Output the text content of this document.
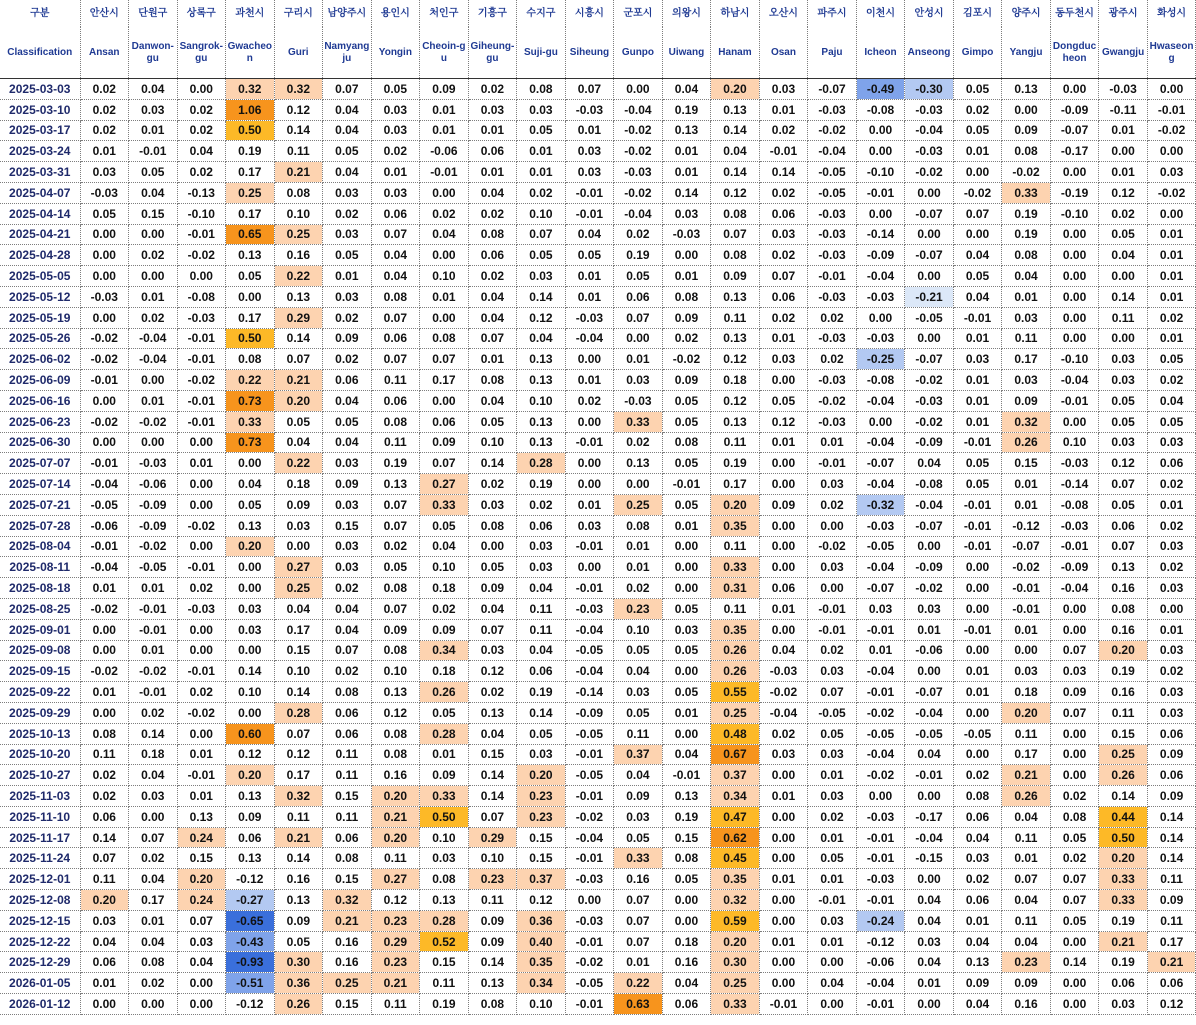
구분	안산시	단원구	상록구	과천시	구리시	남양주시	용인시	처인구	기흥구	수지구	시흥시	군포시	의왕시	하남시	오산시	파주시	이천시	안성시	김포시	양주시	동두천시	광주시	화성시
Classification	Ansan	Danwon-gu	Sangrok-gu	Gwacheon	Guri	Namyangju	Yongin	Cheoin-gu	Giheung-gu	Suji-gu	Siheung	Gunpo	Uiwang	Hanam	Osan	Paju	Icheon	Anseong	Gimpo	Yangju	Dongducheon	Gwangju	Hwaseong
2025-03-03	0.02	0.04	0.00	0.32	0.32	0.07	0.05	0.09	0.02	0.08	0.07	0.00	0.04	0.20	0.03	-0.07	-0.49	-0.30	0.05	0.13	0.00	-0.03	0.00
2025-03-10	0.02	0.03	0.02	1.06	0.12	0.04	0.03	0.01	0.03	0.03	-0.03	-0.04	0.19	0.13	0.01	-0.03	-0.08	-0.03	0.02	0.00	-0.09	-0.11	-0.01
2025-03-17	0.02	0.01	0.02	0.50	0.14	0.04	0.03	0.01	0.01	0.05	0.01	-0.02	0.13	0.14	0.02	-0.02	0.00	-0.04	0.05	0.09	-0.07	0.01	-0.02
2025-03-24	0.01	-0.01	0.04	0.19	0.11	0.05	0.02	-0.06	0.06	0.01	0.03	-0.02	0.01	0.04	-0.01	-0.04	0.00	-0.03	0.01	0.08	-0.17	0.00	0.00
2025-03-31	0.03	0.05	0.02	0.17	0.21	0.04	0.01	-0.01	0.01	0.01	0.03	-0.03	0.01	0.14	0.14	-0.05	-0.10	-0.02	0.00	-0.02	0.00	0.01	0.03
2025-04-07	-0.03	0.04	-0.13	0.25	0.08	0.03	0.03	0.00	0.04	0.02	-0.01	-0.02	0.14	0.12	0.02	-0.05	-0.01	0.00	-0.02	0.33	-0.19	0.12	-0.02
2025-04-14	0.05	0.15	-0.10	0.17	0.10	0.02	0.06	0.02	0.02	0.10	-0.01	-0.04	0.03	0.08	0.06	-0.03	0.00	-0.07	0.07	0.19	-0.10	0.02	0.00
2025-04-21	0.00	0.00	-0.01	0.65	0.25	0.03	0.07	0.04	0.08	0.07	0.04	0.02	-0.03	0.07	0.03	-0.03	-0.14	0.00	0.00	0.19	0.00	0.05	0.01
2025-04-28	0.00	0.02	-0.02	0.13	0.16	0.05	0.04	0.00	0.06	0.05	0.05	0.19	0.00	0.08	0.02	-0.03	-0.09	-0.07	0.04	0.08	0.00	0.04	0.01
2025-05-05	0.00	0.00	0.00	0.05	0.22	0.01	0.04	0.10	0.02	0.03	0.01	0.05	0.01	0.09	0.07	-0.01	-0.04	0.00	0.05	0.04	0.00	0.00	0.01
2025-05-12	-0.03	0.01	-0.08	0.00	0.13	0.03	0.08	0.01	0.04	0.14	0.01	0.06	0.08	0.13	0.06	-0.03	-0.03	-0.21	0.04	0.01	0.00	0.14	0.01
2025-05-19	0.00	0.02	-0.03	0.17	0.29	0.02	0.07	0.00	0.04	0.12	-0.03	0.07	0.09	0.11	0.02	0.02	0.00	-0.05	-0.01	0.03	0.00	0.11	0.02
2025-05-26	-0.02	-0.04	-0.01	0.50	0.14	0.09	0.06	0.08	0.07	0.04	-0.04	0.00	0.02	0.13	0.01	-0.03	-0.03	0.00	0.01	0.11	0.00	0.00	0.01
2025-06-02	-0.02	-0.04	-0.01	0.08	0.07	0.02	0.07	0.07	0.01	0.13	0.00	0.01	-0.02	0.12	0.03	0.02	-0.25	-0.07	0.03	0.17	-0.10	0.03	0.05
2025-06-09	-0.01	0.00	-0.02	0.22	0.21	0.06	0.11	0.17	0.08	0.13	0.01	0.03	0.09	0.18	0.00	-0.03	-0.08	-0.02	0.01	0.03	-0.04	0.03	0.02
2025-06-16	0.00	0.01	-0.01	0.73	0.20	0.04	0.06	0.00	0.04	0.10	0.02	-0.03	0.05	0.12	0.05	-0.02	-0.04	-0.03	0.01	0.09	-0.01	0.05	0.04
2025-06-23	-0.02	-0.02	-0.01	0.33	0.05	0.05	0.08	0.06	0.05	0.13	0.00	0.33	0.05	0.13	0.12	-0.03	0.00	-0.02	0.01	0.32	0.00	0.05	0.05
2025-06-30	0.00	0.00	0.00	0.73	0.04	0.04	0.11	0.09	0.10	0.13	-0.01	0.02	0.08	0.11	0.01	0.01	-0.04	-0.09	-0.01	0.26	0.10	0.03	0.03
2025-07-07	-0.01	-0.03	0.01	0.00	0.22	0.03	0.19	0.07	0.14	0.28	0.00	0.13	0.05	0.19	0.00	-0.01	-0.07	0.04	0.05	0.15	-0.03	0.12	0.06
2025-07-14	-0.04	-0.06	0.00	0.04	0.18	0.09	0.13	0.27	0.02	0.19	0.00	0.00	-0.01	0.17	0.00	0.03	-0.04	-0.08	0.05	0.01	-0.14	0.07	0.02
2025-07-21	-0.05	-0.09	0.00	0.05	0.09	0.03	0.07	0.33	0.03	0.02	0.01	0.25	0.05	0.20	0.09	0.02	-0.32	-0.04	-0.01	0.01	-0.08	0.05	0.01
2025-07-28	-0.06	-0.09	-0.02	0.13	0.03	0.15	0.07	0.05	0.08	0.06	0.03	0.08	0.01	0.35	0.00	0.00	-0.03	-0.07	-0.01	-0.12	-0.03	0.06	0.02
2025-08-04	-0.01	-0.02	0.00	0.20	0.00	0.03	0.02	0.04	0.00	0.03	-0.01	0.01	0.00	0.11	0.00	-0.02	-0.05	0.00	-0.01	-0.07	-0.01	0.07	0.03
2025-08-11	-0.04	-0.05	-0.01	0.00	0.27	0.03	0.05	0.10	0.05	0.03	0.00	0.01	0.00	0.33	0.00	0.03	-0.04	-0.09	0.00	-0.02	-0.09	0.13	0.02
2025-08-18	0.01	0.01	0.02	0.00	0.25	0.02	0.08	0.18	0.09	0.04	-0.01	0.02	0.00	0.31	0.06	0.00	-0.07	-0.02	0.00	-0.01	-0.04	0.16	0.03
2025-08-25	-0.02	-0.01	-0.03	0.03	0.04	0.04	0.07	0.02	0.04	0.11	-0.03	0.23	0.05	0.11	0.01	-0.01	0.03	0.03	0.00	-0.01	0.00	0.08	0.00
2025-09-01	0.00	-0.01	0.00	0.03	0.17	0.04	0.09	0.09	0.07	0.11	-0.04	0.10	0.03	0.35	0.00	-0.01	-0.01	0.01	-0.01	0.01	0.00	0.16	0.01
2025-09-08	0.00	0.01	0.00	0.00	0.15	0.07	0.08	0.34	0.03	0.04	-0.05	0.05	0.05	0.26	0.04	0.02	0.01	-0.06	0.00	0.00	0.07	0.20	0.03
2025-09-15	-0.02	-0.02	-0.01	0.14	0.10	0.02	0.10	0.18	0.12	0.06	-0.04	0.04	0.00	0.26	-0.03	0.03	-0.04	0.00	0.01	0.03	0.03	0.19	0.02
2025-09-22	0.01	-0.01	0.02	0.10	0.14	0.08	0.13	0.26	0.02	0.19	-0.14	0.03	0.05	0.55	-0.02	0.07	-0.01	-0.07	0.01	0.18	0.09	0.16	0.03
2025-09-29	0.00	0.02	-0.02	0.00	0.28	0.06	0.12	0.05	0.13	0.14	-0.09	0.05	0.01	0.25	-0.04	-0.05	-0.02	-0.04	0.00	0.20	0.07	0.11	0.03
2025-10-13	0.08	0.14	0.00	0.60	0.07	0.06	0.08	0.28	0.04	0.05	-0.05	0.11	0.00	0.48	0.02	0.05	-0.05	-0.05	-0.05	0.11	0.00	0.15	0.06
2025-10-20	0.11	0.18	0.01	0.12	0.12	0.11	0.08	0.01	0.15	0.03	-0.01	0.37	0.04	0.67	0.03	0.03	-0.04	0.04	0.00	0.17	0.00	0.25	0.09
2025-10-27	0.02	0.04	-0.01	0.20	0.17	0.11	0.16	0.09	0.14	0.20	-0.05	0.04	-0.01	0.37	0.00	0.01	-0.02	-0.01	0.02	0.21	0.00	0.26	0.06
2025-11-03	0.02	0.03	0.01	0.13	0.32	0.15	0.20	0.33	0.14	0.23	-0.01	0.09	0.13	0.34	0.01	0.03	0.00	0.00	0.08	0.26	0.02	0.14	0.09
2025-11-10	0.06	0.00	0.13	0.09	0.11	0.11	0.21	0.50	0.07	0.23	-0.02	0.03	0.19	0.47	0.00	0.02	-0.03	-0.17	0.06	0.04	0.08	0.44	0.14
2025-11-17	0.14	0.07	0.24	0.06	0.21	0.06	0.20	0.10	0.29	0.15	-0.04	0.05	0.15	0.62	0.00	0.01	-0.01	-0.04	0.04	0.11	0.05	0.50	0.14
2025-11-24	0.07	0.02	0.15	0.13	0.14	0.08	0.11	0.03	0.10	0.15	-0.01	0.33	0.08	0.45	0.00	0.05	-0.01	-0.15	0.03	0.01	0.02	0.20	0.14
2025-12-01	0.11	0.04	0.20	-0.12	0.16	0.15	0.27	0.08	0.23	0.37	-0.03	0.16	0.05	0.35	0.01	0.01	-0.03	0.00	0.02	0.07	0.07	0.33	0.11
2025-12-08	0.20	0.17	0.24	-0.27	0.13	0.32	0.12	0.13	0.11	0.12	0.00	0.07	0.00	0.32	0.00	-0.01	-0.01	0.04	0.06	0.04	0.07	0.33	0.09
2025-12-15	0.03	0.01	0.07	-0.65	0.09	0.21	0.23	0.28	0.09	0.36	-0.03	0.07	0.00	0.59	0.00	0.03	-0.24	0.04	0.01	0.11	0.05	0.19	0.11
2025-12-22	0.04	0.04	0.03	-0.43	0.05	0.16	0.29	0.52	0.09	0.40	-0.01	0.07	0.18	0.20	0.01	0.01	-0.12	0.03	0.04	0.04	0.00	0.21	0.17
2025-12-29	0.06	0.08	0.04	-0.93	0.30	0.16	0.23	0.15	0.14	0.35	-0.02	0.01	0.16	0.30	0.00	0.00	-0.06	0.04	0.13	0.23	0.14	0.19	0.21
2026-01-05	0.01	0.02	0.00	-0.51	0.36	0.25	0.21	0.11	0.13	0.34	-0.05	0.22	0.04	0.25	0.00	0.04	-0.04	0.01	0.09	0.09	0.00	0.06	0.06
2026-01-12	0.00	0.00	0.00	-0.12	0.26	0.15	0.11	0.19	0.08	0.10	-0.01	0.63	0.06	0.33	-0.01	0.00	-0.01	0.00	0.04	0.16	0.00	0.03	0.12
